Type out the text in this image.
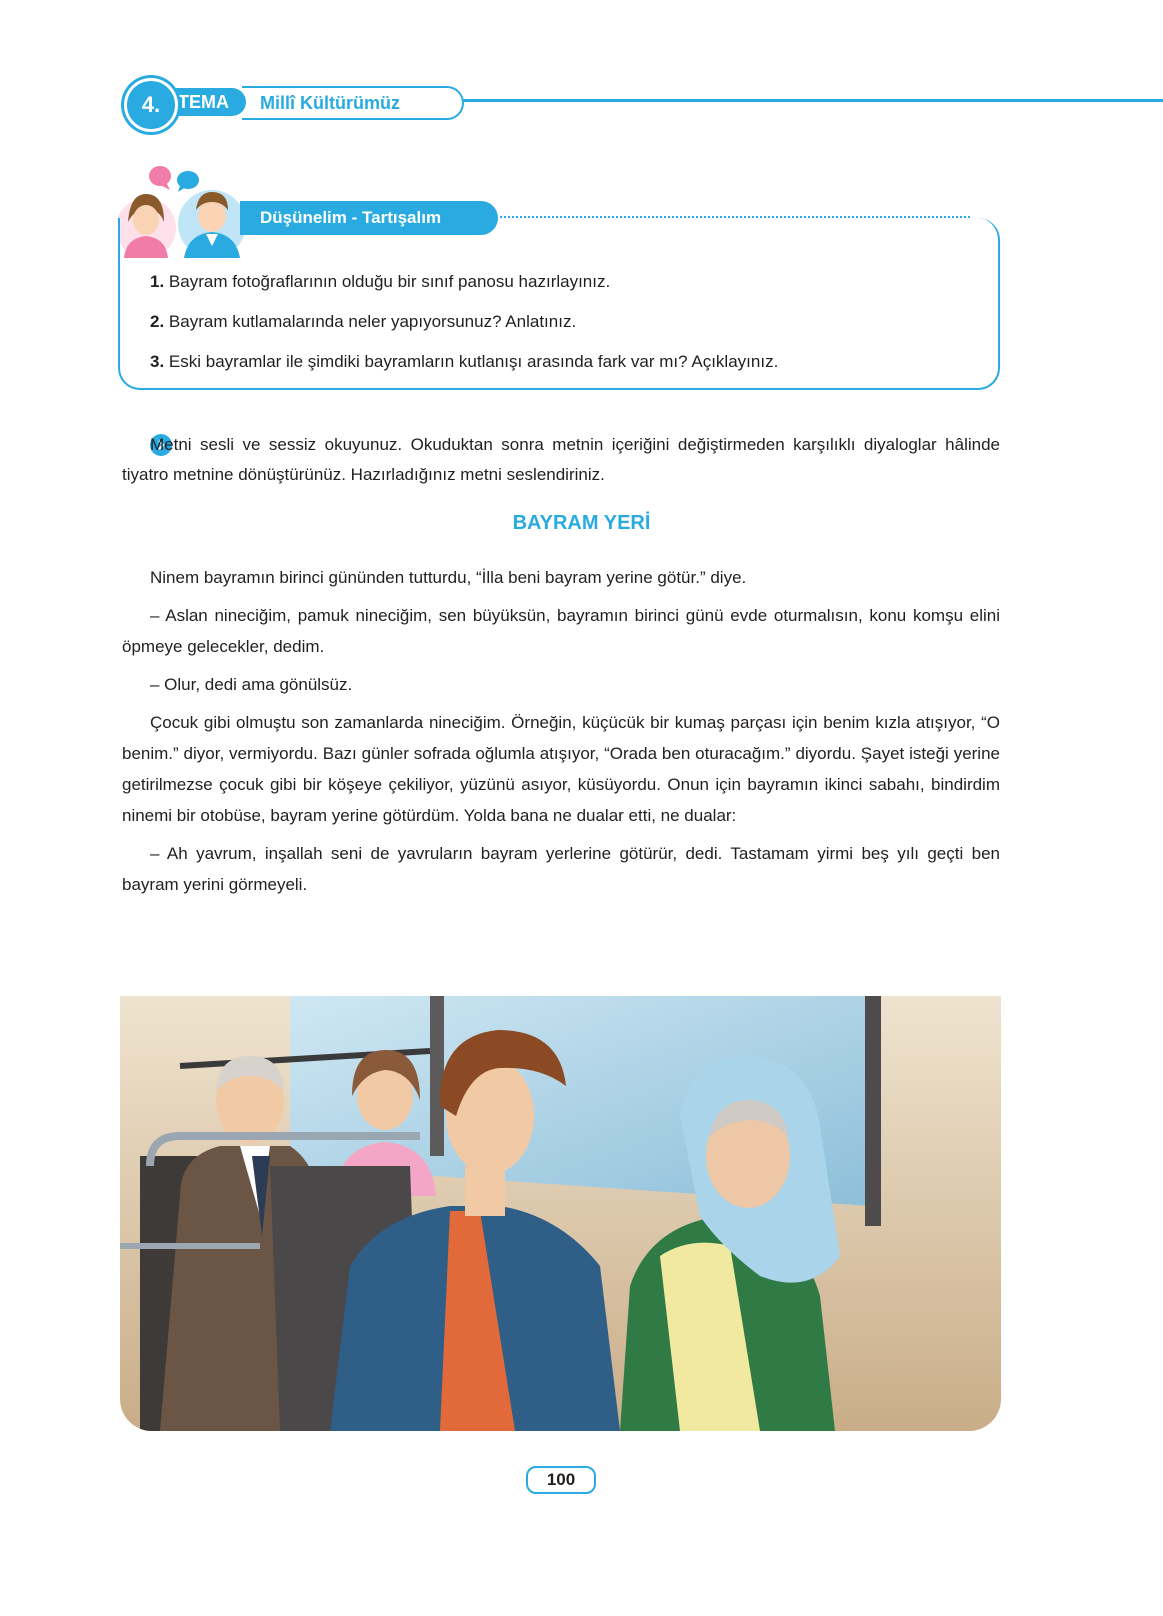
Millî Kültürümüz
TEMA
4.
Düşünelim - Tartışalım
1. Bayram fotoğraflarının olduğu bir sınıf panosu hazırlayınız.
2. Bayram kutlamalarında neler yapıyorsunuz? Anlatınız.
3. Eski bayramlar ile şimdiki bayramların kutlanışı arasında fark var mı? Açıklayınız.

Metni sesli ve sessiz okuyunuz. Okuduktan sonra metnin içeriğini değiştirmeden karşılıklı diyaloglar hâlinde tiyatro metnine dönüştürünüz. Hazırladığınız metni seslendiriniz.

BAYRAM YERİ

Ninem bayramın birinci gününden tutturdu, “İlla beni bayram yerine götür.” diye.

– Aslan nineciğim, pamuk nineciğim, sen büyüksün, bayramın birinci günü evde oturmalısın, konu komşu elini öpmeye gelecekler, dedim.

– Olur, dedi ama gönülsüz.

Çocuk gibi olmuştu son zamanlarda nineciğim. Örneğin, küçücük bir kumaş parçası için benim kızla atışıyor, “O benim.” diyor, vermiyordu. Bazı günler sofrada oğlumla atışıyor, “Orada ben oturacağım.” diyordu. Şayet isteği yerine getirilmezse çocuk gibi bir köşeye çekiliyor, yüzünü asıyor, küsüyordu. Onun için bayramın ikinci sabahı, bindirdim ninemi bir otobüse, bayram yerine götürdüm. Yolda bana ne dualar etti, ne dualar:

– Ah yavrum, inşallah seni de yavruların bayram yerlerine götürür, dedi. Tastamam yirmi beş yılı geçti ben bayram yerini görmeyeli.

100
